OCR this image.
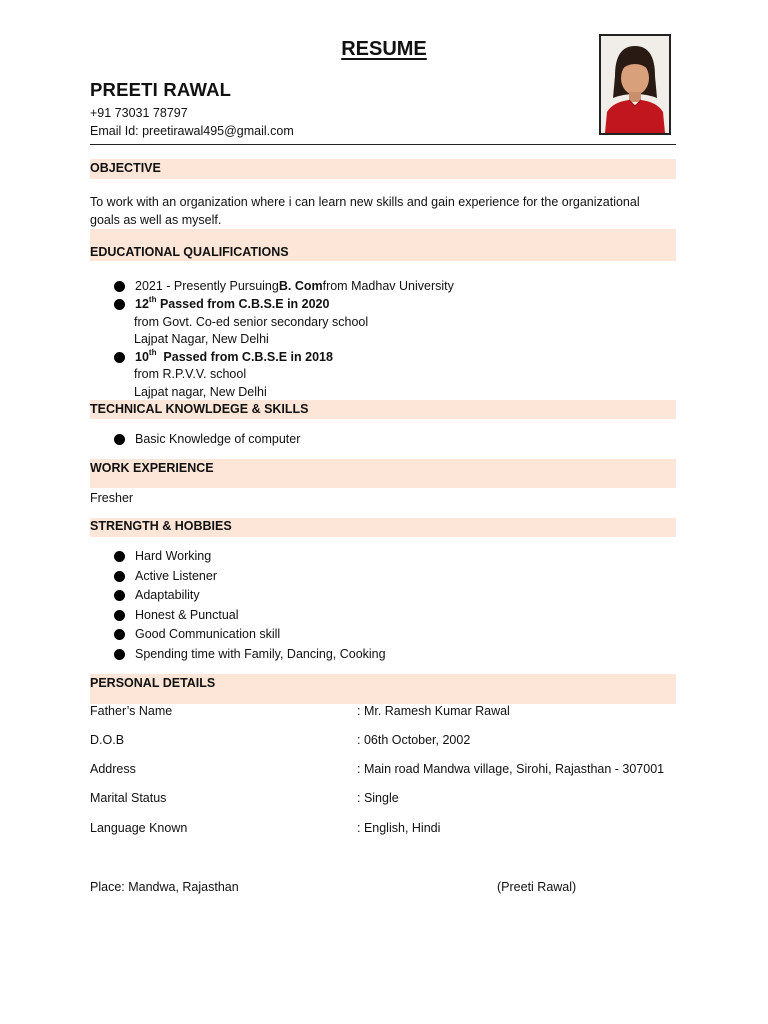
RESUME
PREETI RAWAL
+91 73031 78797
Email Id: preetirawal495@gmail.com
OBJECTIVE
To work with an organization where i can learn new skills and gain experience for the organizational
goals as well as myself.
EDUCATIONAL QUALIFICATIONS
2021 - Presently Pursuing B. Com from Madhav University
12th Passed from C.B.S.E in 2020
from Govt. Co-ed senior secondary school
Lajpat Nagar, New Delhi
10th  Passed from C.B.S.E in 2018
from R.P.V.V. school
Lajpat nagar, New Delhi
TECHNICAL KNOWLDEGE & SKILLS
Basic Knowledge of computer
WORK EXPERIENCE
Fresher
STRENGTH & HOBBIES
Hard Working
Active Listener
Adaptability
Honest & Punctual
Good Communication skill
Spending time with Family, Dancing, Cooking
PERSONAL DETAILS
Father’s Name	: Mr. Ramesh Kumar Rawal
D.O.B	: 06th October, 2002
Address	: Main road Mandwa village, Sirohi, Rajasthan - 307001
Marital Status	: Single
Language Known	: English, Hindi
Place: Mandwa, Rajasthan	(Preeti Rawal)
